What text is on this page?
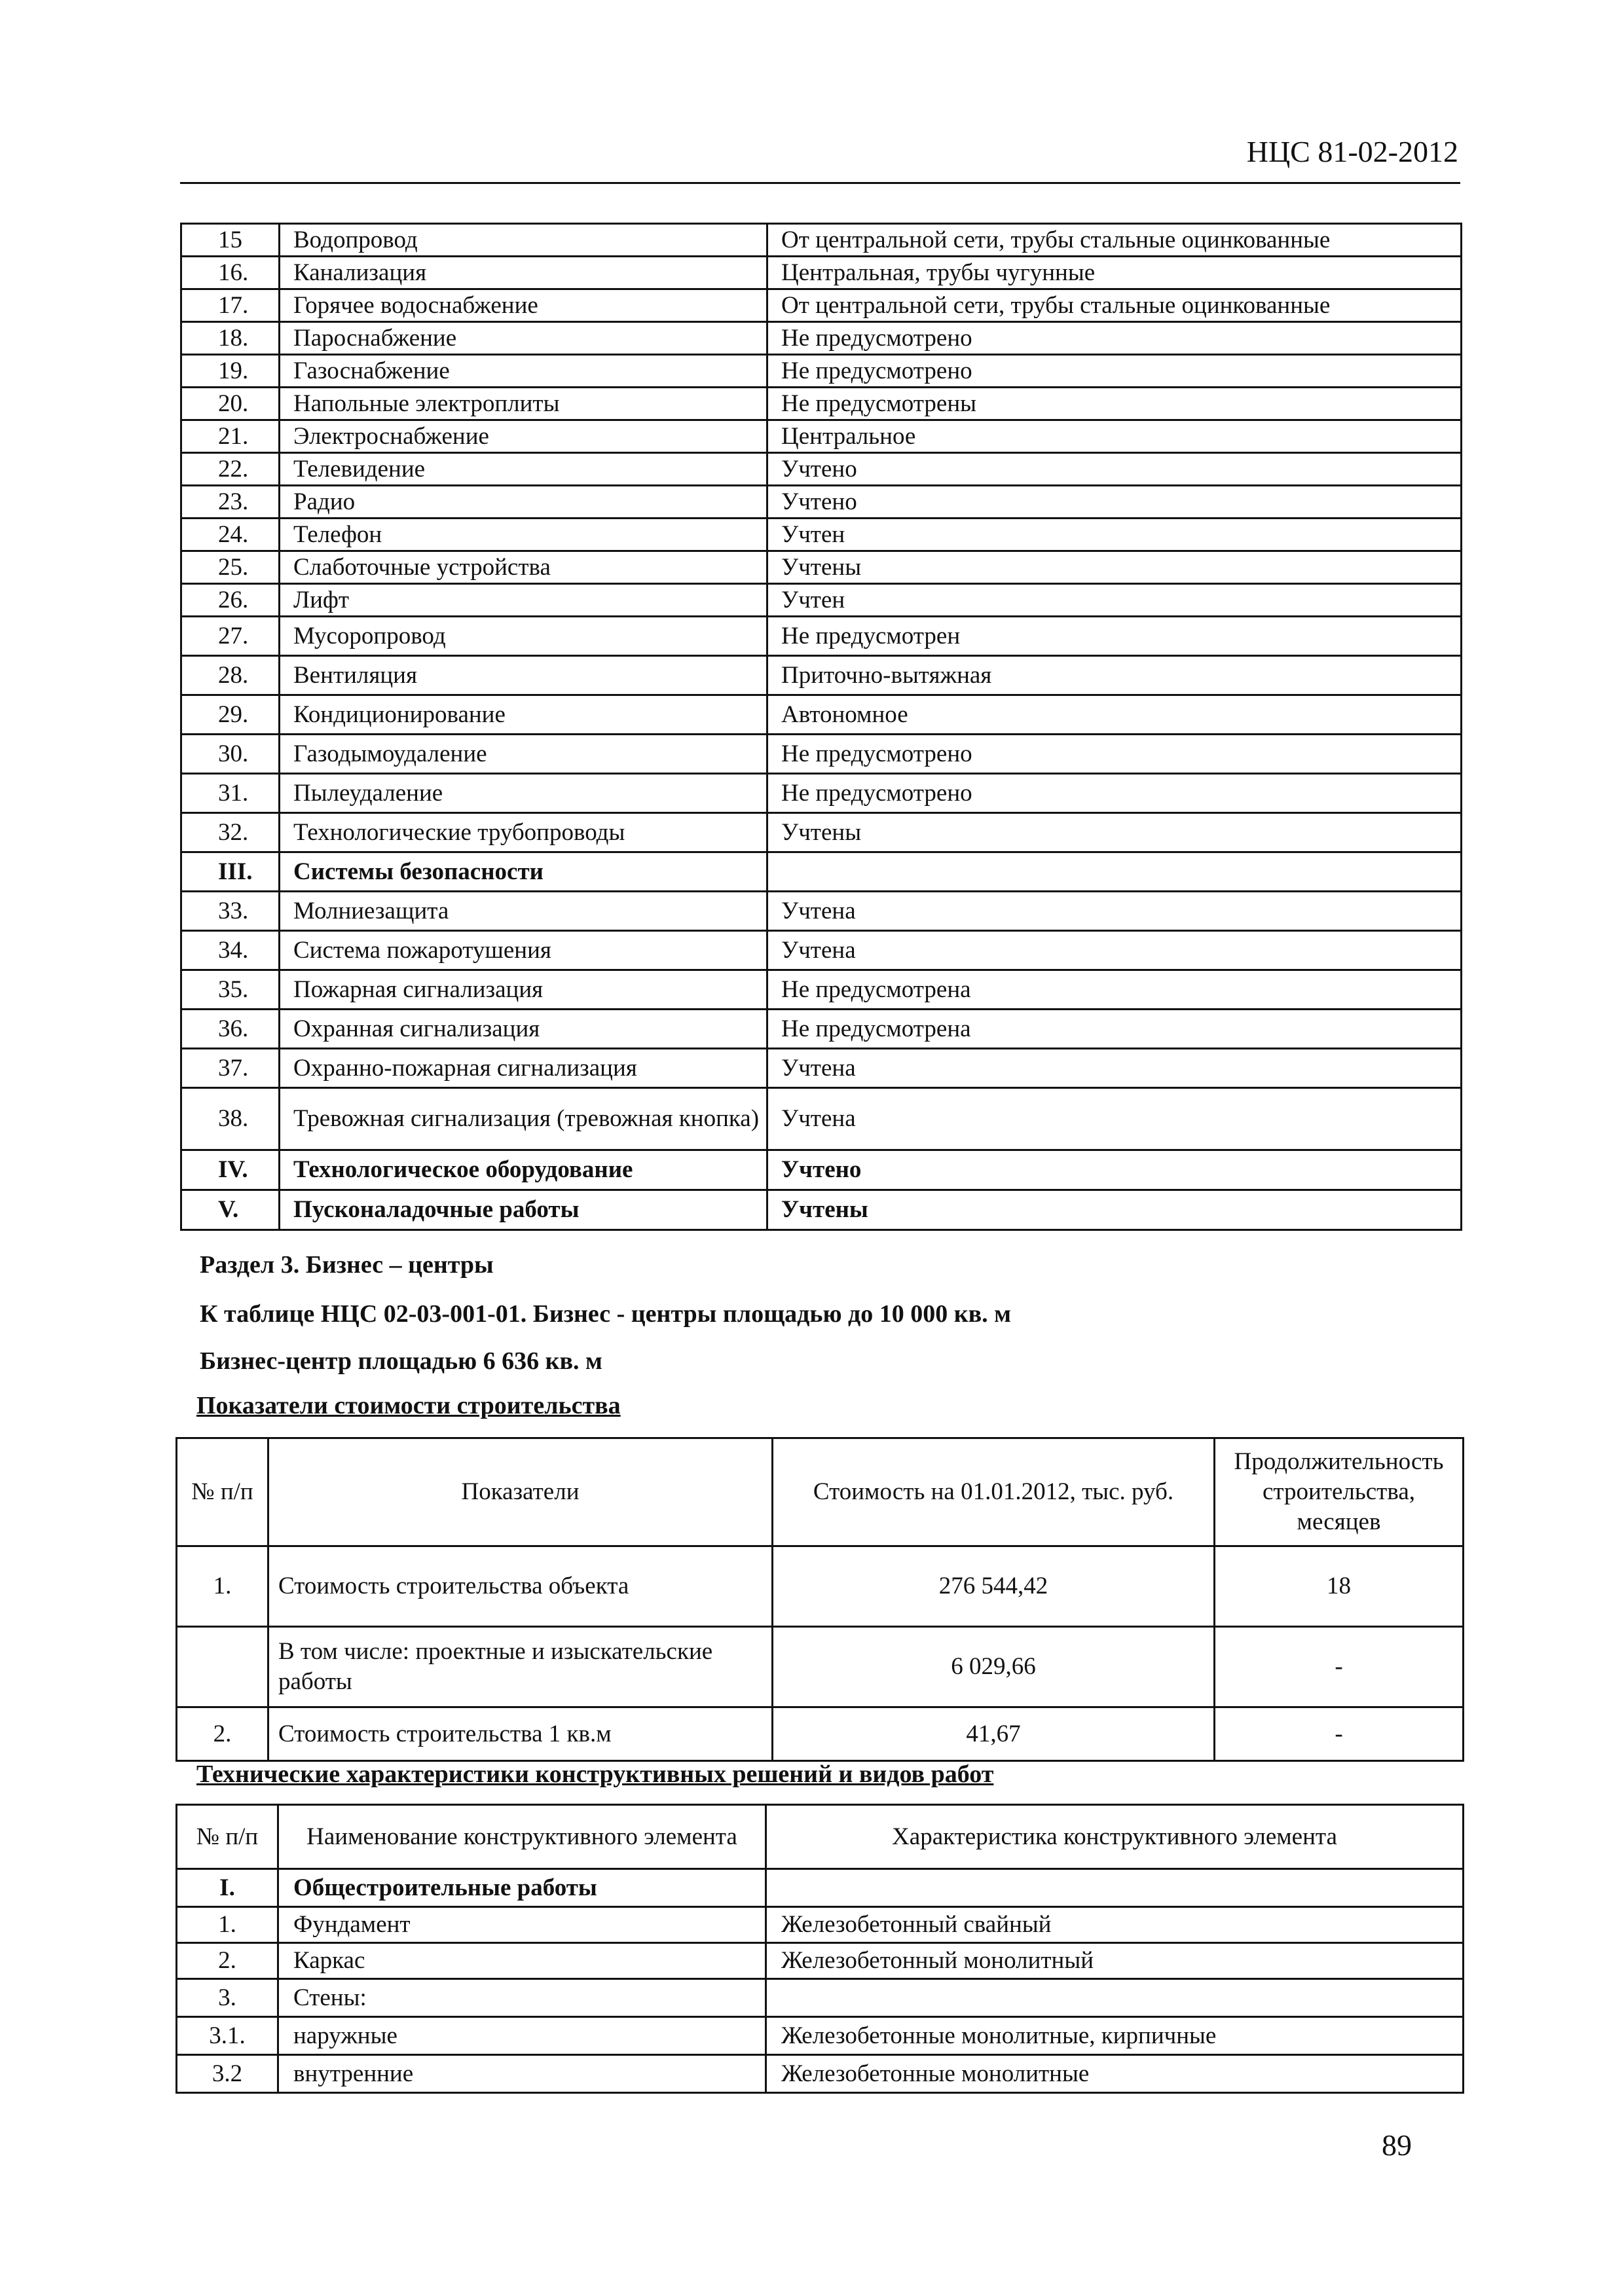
НЦС 81-02-2012
15	Водопровод	От центральной сети, трубы стальные оцинкованные
16.	Канализация	Центральная, трубы чугунные
17.	Горячее водоснабжение	От центральной сети, трубы стальные оцинкованные
18.	Пароснабжение	Не предусмотрено
19.	Газоснабжение	Не предусмотрено
20.	Напольные электроплиты	Не предусмотрены
21.	Электроснабжение	Центральное
22.	Телевидение	Учтено
23.	Радио	Учтено
24.	Телефон	Учтен
25.	Слаботочные устройства	Учтены
26.	Лифт	Учтен
27.	Мусоропровод	Не предусмотрен
28.	Вентиляция	Приточно-вытяжная
29.	Кондиционирование	Автономное
30.	Газодымоудаление	Не предусмотрено
31.	Пылеудаление	Не предусмотрено
32.	Технологические трубопроводы	Учтены
III.	Системы безопасности	
33.	Молниезащита	Учтена
34.	Система пожаротушения	Учтена
35.	Пожарная сигнализация	Не предусмотрена
36.	Охранная сигнализация	Не предусмотрена
37.	Охранно-пожарная сигнализация	Учтена
38.	Тревожная сигнализация (тревожная кнопка)	Учтена
IV.	Технологическое оборудование	Учтено
V.	Пусконаладочные работы	Учтены
Раздел 3. Бизнес – центры
К таблице НЦС 02-03-001-01. Бизнес - центры площадью до 10 000 кв. м
Бизнес-центр площадью 6 636 кв. м
Показатели стоимости строительства
№ п/п	Показатели	Стоимость на 01.01.2012, тыс. руб.	Продолжительность строительства, месяцев
1.	Стоимость строительства объекта	276 544,42	18
	В том числе: проектные и изыскательские работы	6 029,66	-
2.	Стоимость строительства 1 кв.м	41,67	-
Технические характеристики конструктивных решений и видов работ
№ п/п	Наименование конструктивного элемента	Характеристика конструктивного элемента
I.	Общестроительные работы	
1.	Фундамент	Железобетонный свайный
2.	Каркас	Железобетонный монолитный
3.	Стены:	
3.1.	наружные	Железобетонные монолитные, кирпичные
3.2	внутренние	Железобетонные монолитные
89
